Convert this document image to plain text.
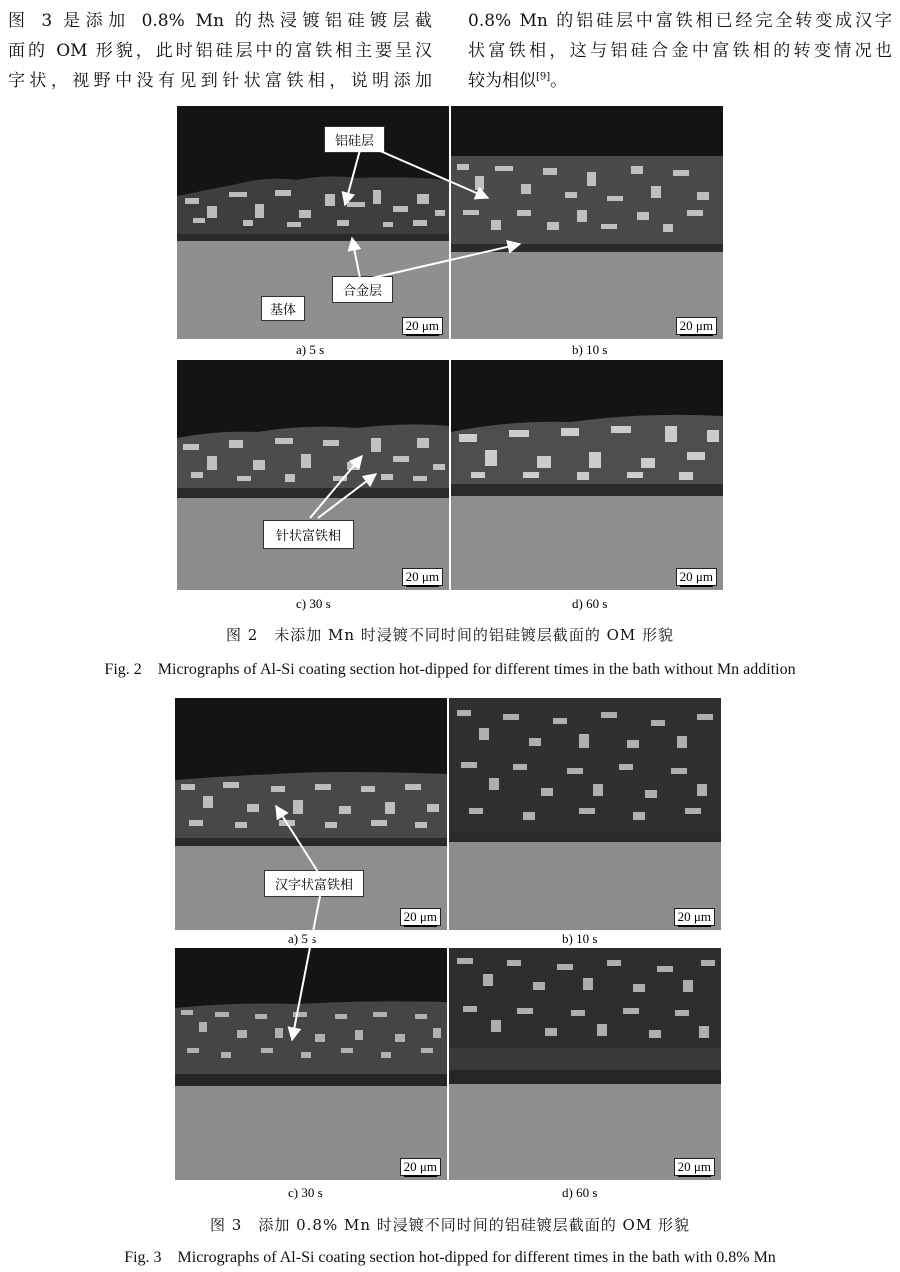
图 3 是添加 0.8% Mn 的热浸镀铝硅镀层截
面的 OM 形貌，此时铝硅层中的富铁相主要呈汉
字状，视野中没有见到针状富铁相，说明添加
0.8% Mn 的铝硅层中富铁相已经完全转变成汉字
状富铁相，这与铝硅合金中富铁相的转变情况也
较为相似[9]。
基体
20 μm	20 μm
a) 5 s	b) 10 s
针状富铁相
20 μm	20 μm
c) 30 s	d) 60 s
铝硅层
合金层
图 2　未添加 Mn 时浸镀不同时间的铝硅镀层截面的 OM 形貌
Fig. 2　Micrographs of Al-Si coating section hot-dipped for different times in the bath without Mn addition
20 μm	20 μm
a) 5 s	b) 10 s
20 μm	20 μm
c) 30 s	d) 60 s
汉字状富铁相
图 3　添加 0.8% Mn 时浸镀不同时间的铝硅镀层截面的 OM 形貌
Fig. 3　Micrographs of Al-Si coating section hot-dipped for different times in the bath with 0.8% Mn
